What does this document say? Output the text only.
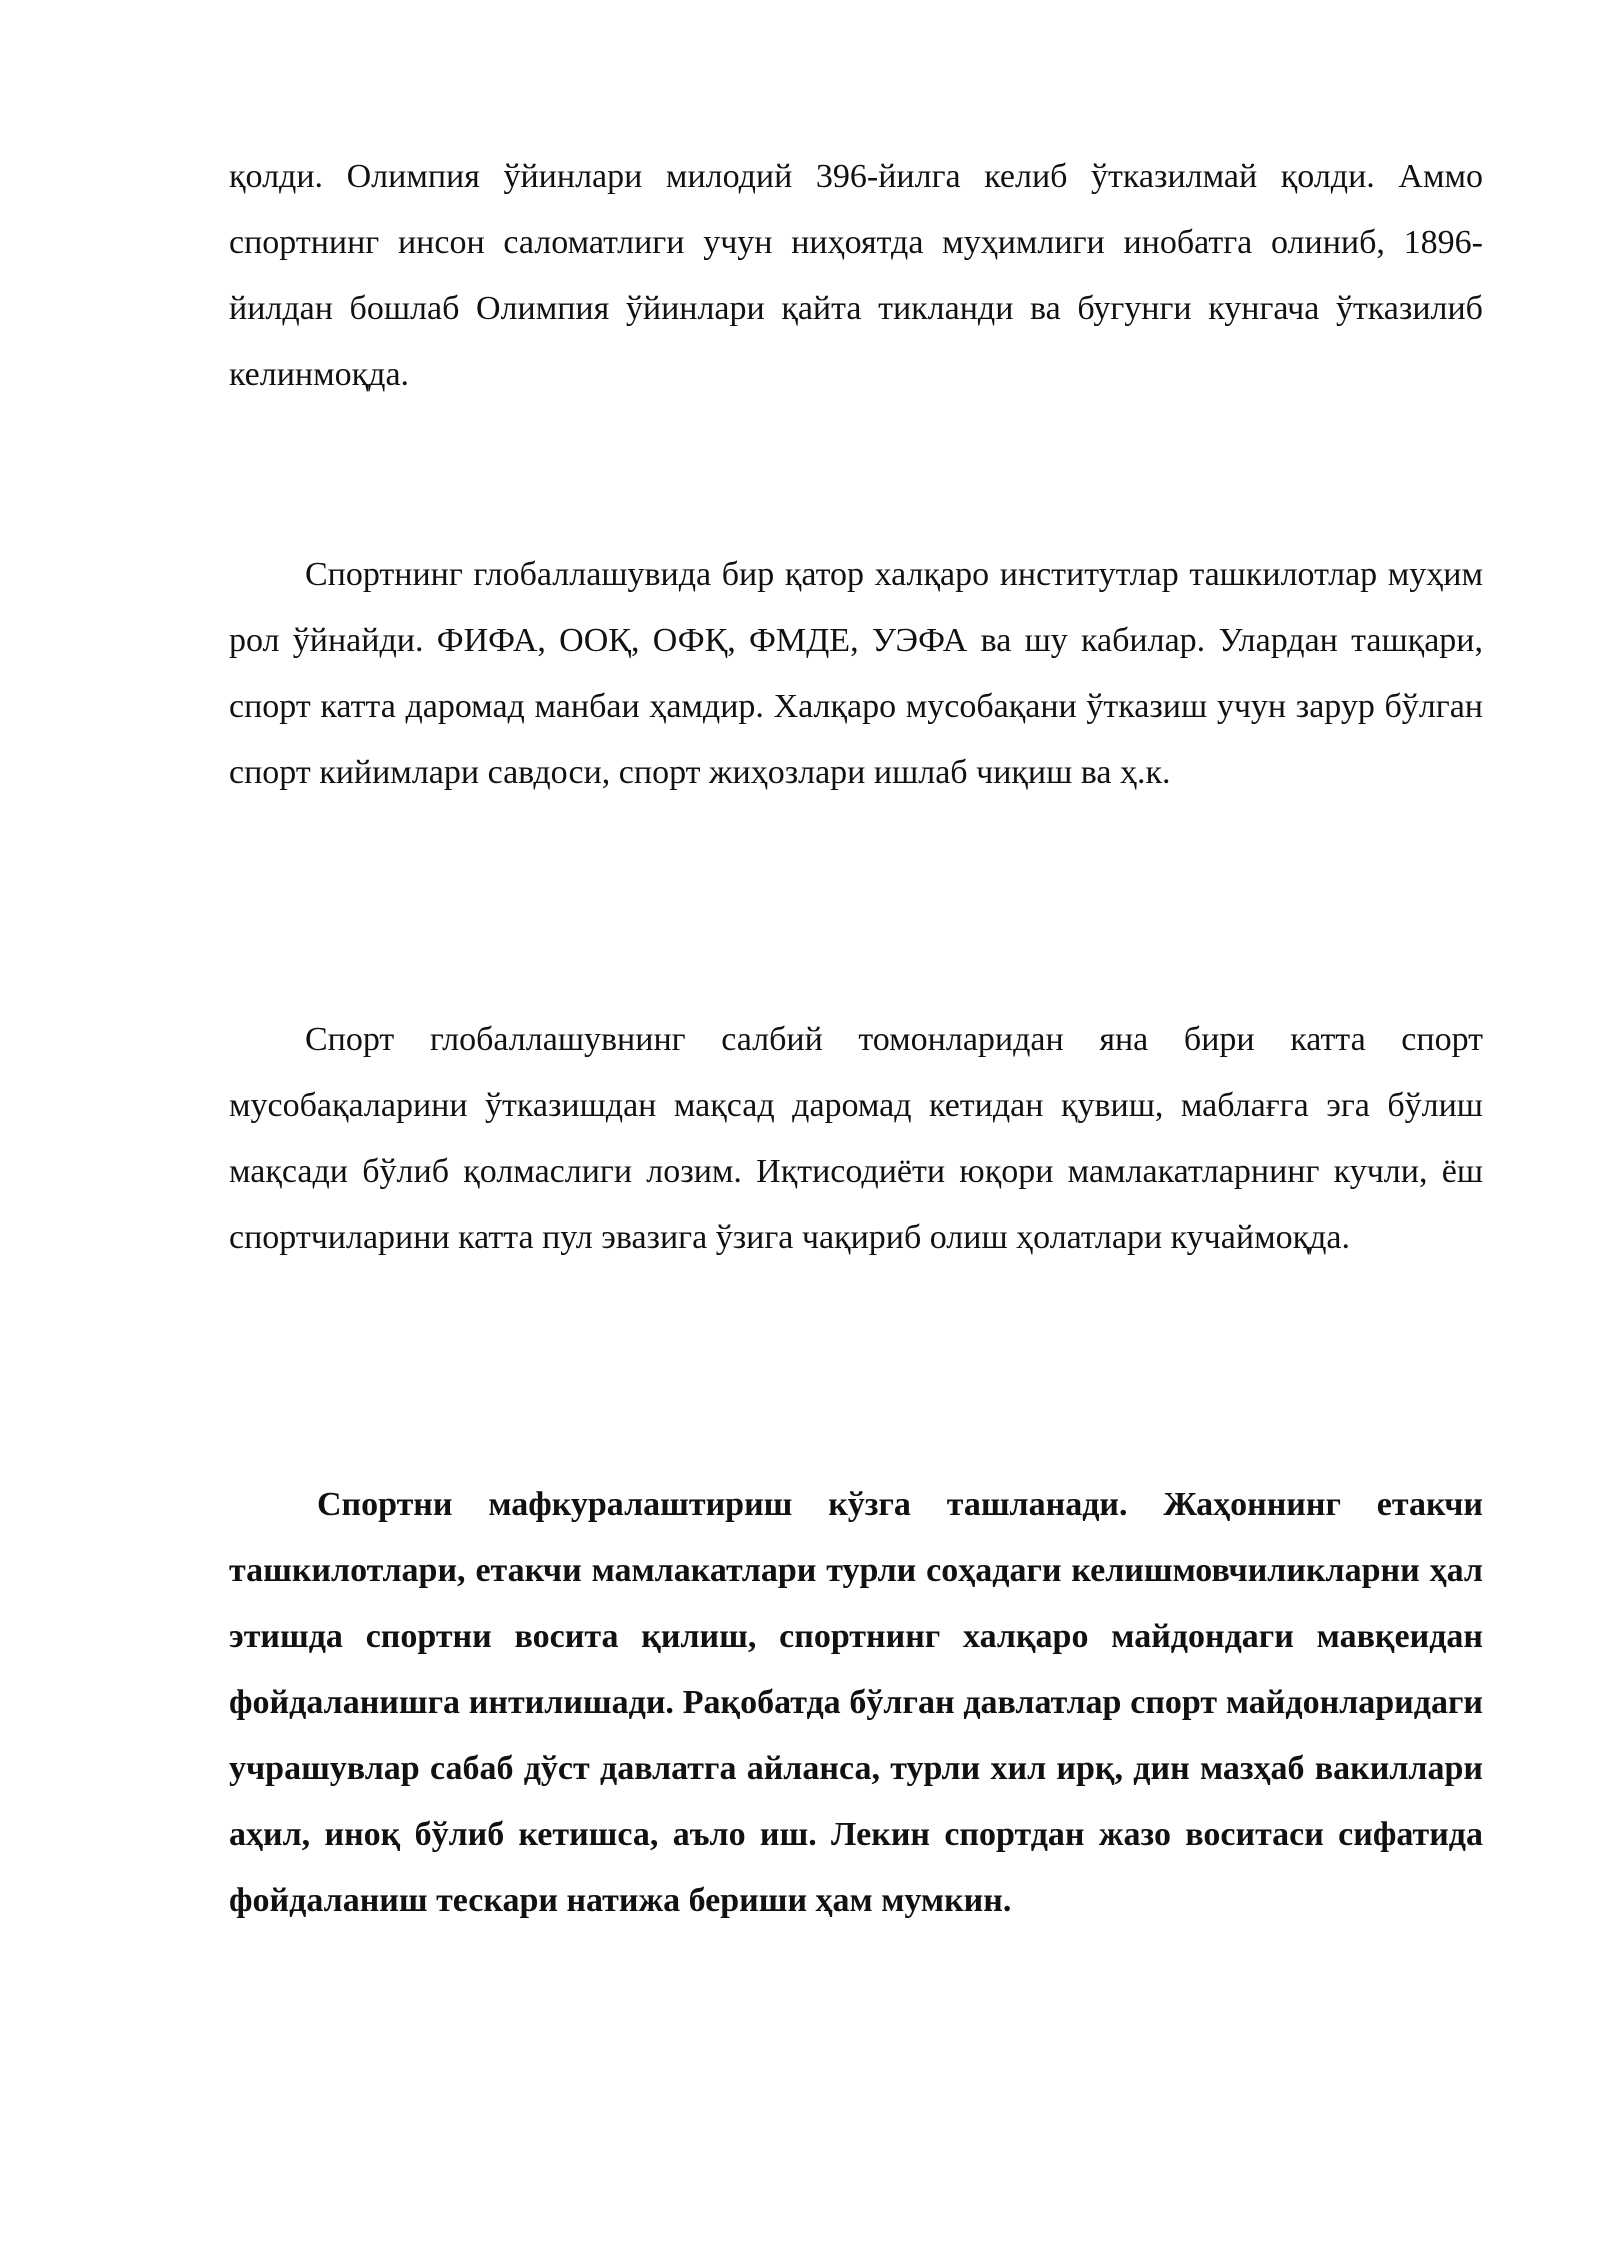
қолди. Олимпия ўйинлари милодий 396-йилга келиб ўтказилмай қолди. Аммо спортнинг инсон саломатлиги учун ниҳоятда муҳимлиги инобатга олиниб, 1896-йилдан бошлаб Олимпия ўйинлари қайта тикланди ва бугунги кунгача ўтказилиб келинмоқда.

Спортнинг глобаллашувида бир қатор халқаро институтлар ташкилотлар муҳим рол ўйнайди. ФИФА, ООҚ, ОФҚ, ФМДЕ, УЭФА ва шу кабилар. Улардан ташқари, спорт катта даромад манбаи ҳамдир. Халқаро мусобақани ўтказиш учун зарур бўлган спорт кийимлари савдоси, спорт жиҳозлари ишлаб чиқиш ва ҳ.к.

Спорт глобаллашувнинг салбий томонларидан яна бири катта спорт мусобақаларини ўтказишдан мақсад даромад кетидан қувиш, маблағга эга бўлиш мақсади бўлиб қолмаслиги лозим. Иқтисодиёти юқори мамлакатларнинг кучли, ёш спортчиларини катта пул эвазига ўзига чақириб олиш ҳолатлари кучаймоқда.

Спортни мафкуралаштириш кўзга ташланади. Жаҳоннинг етакчи ташкилотлари, етакчи мамлакатлари турли соҳадаги келишмовчиликларни ҳал этишда спортни восита қилиш, спортнинг халқаро майдондаги мавқеидан фойдаланишга интилишади. Рақобатда бўлган давлатлар спорт майдонларидаги учрашувлар сабаб дўст давлатга айланса, турли хил ирқ, дин мазҳаб вакиллари аҳил, иноқ бўлиб кетишса, аъло иш. Лекин спортдан жазо воситаси сифатида фойдаланиш тескари натижа бериши ҳам мумкин.
